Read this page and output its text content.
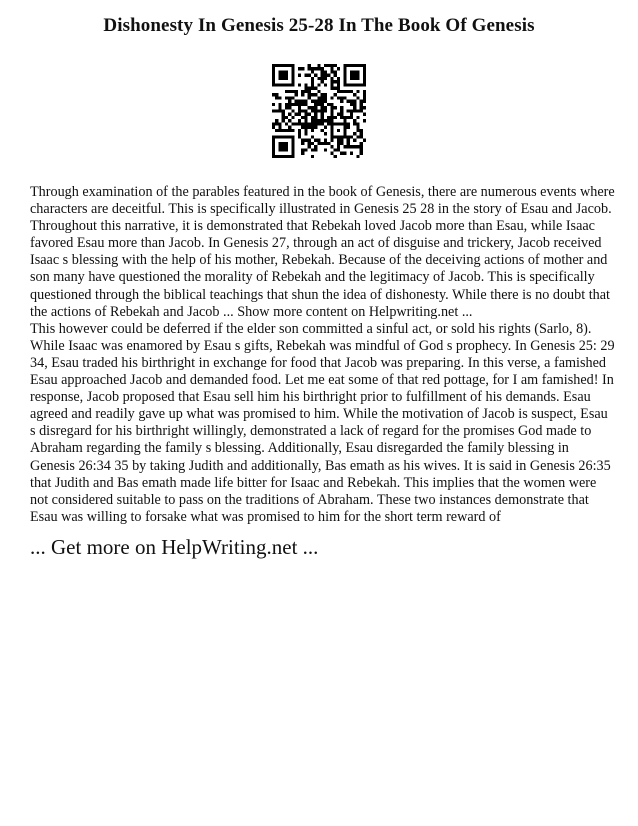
Dishonesty In Genesis 25-28 In The Book Of Genesis

Through examination of the parables featured in the book of Genesis, there are numerous events where characters are deceitful. This is specifically illustrated in Genesis 25 28 in the story of Esau and Jacob. Throughout this narrative, it is demonstrated that Rebekah loved Jacob more than Esau, while Isaac favored Esau more than Jacob. In Genesis 27, through an act of disguise and trickery, Jacob received Isaac s blessing with the help of his mother, Rebekah. Because of the deceiving actions of mother and son many have questioned the morality of Rebekah and the legitimacy of Jacob. This is specifically questioned through the biblical teachings that shun the idea of dishonesty. While there is no doubt that the actions of Rebekah and Jacob ... Show more content on Helpwriting.net ...

This however could be deferred if the elder son committed a sinful act, or sold his rights (Sarlo, 8). While Isaac was enamored by Esau s gifts, Rebekah was mindful of God s prophecy. In Genesis 25: 29 34, Esau traded his birthright in exchange for food that Jacob was preparing. In this verse, a famished Esau approached Jacob and demanded food. Let me eat some of that red pottage, for I am famished! In response, Jacob proposed that Esau sell him his birthright prior to fulfillment of his demands. Esau agreed and readily gave up what was promised to him. While the motivation of Jacob is suspect, Esau s disregard for his birthright willingly, demonstrated a lack of regard for the promises God made to Abraham regarding the family s blessing. Additionally, Esau disregarded the family blessing in Genesis 26:34 35 by taking Judith and additionally, Bas emath as his wives. It is said in Genesis 26:35 that Judith and Bas emath made life bitter for Isaac and Rebekah. This implies that the women were not considered suitable to pass on the traditions of Abraham. These two instances demonstrate that Esau was willing to forsake what was promised to him for the short term reward of

... Get more on HelpWriting.net ...
